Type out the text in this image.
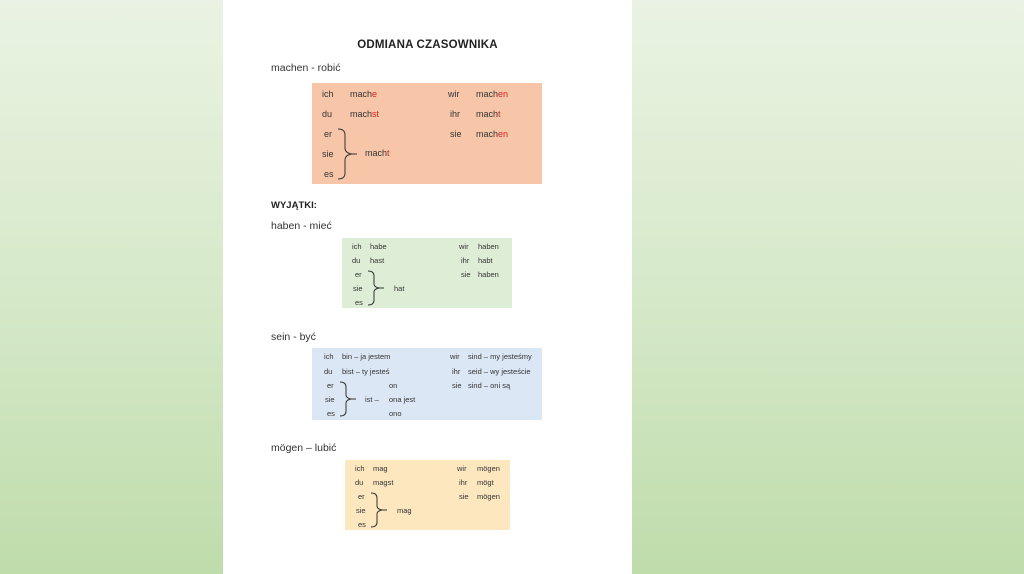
ODMIANA CZASOWNIKA
machen - robić
ich mache
du machst
er
sie
es
macht
wir machen
ihr macht
sie machen
WYJĄTKI:
haben - mieć
ich habe
du hast
er
sie
es
hat
wir haben
ihr habt
sie haben
sein - być
ich bin – ja jestem
du bist – ty jesteś
er
sie
es
ist –
on
ona jest
ono
wir sind – my jesteśmy
ihr seid – wy jesteście
sie sind – oni są
mögen – lubić
ich mag
du magst
er
sie
es
mag
wir mögen
ihr mögt
sie mögen
